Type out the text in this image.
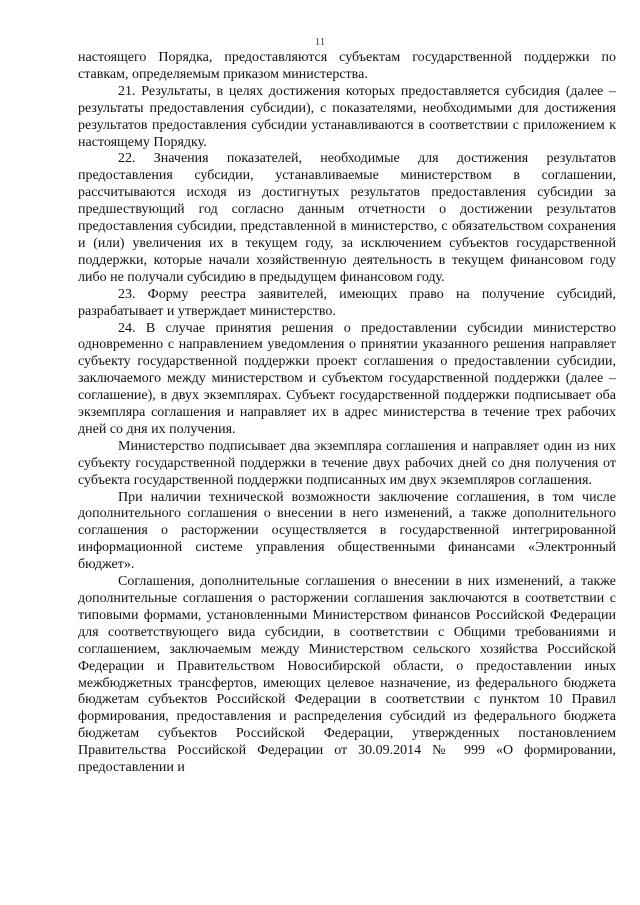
11

настоящего Порядка, предоставляются субъектам государственной поддержки по ставкам, определяемым приказом министерства.

21. Результаты, в целях достижения которых предоставляется субсидия (далее – результаты предоставления субсидии), с показателями, необходимыми для достижения результатов предоставления субсидии устанавливаются в соответствии с приложением к настоящему Порядку.

22. Значения показателей, необходимые для достижения результатов предоставления субсидии, устанавливаемые министерством в соглашении, рассчитываются исходя из достигнутых результатов предоставления субсидии за предшествующий год согласно данным отчетности о достижении результатов предоставления субсидии, представленной в министерство, с обязательством сохранения и (или) увеличения их в текущем году, за исключением субъектов государственной поддержки, которые начали хозяйственную деятельность в текущем финансовом году либо не получали субсидию в предыдущем финансовом году.

23. Форму реестра заявителей, имеющих право на получение субсидий, разрабатывает и утверждает министерство.

24. В случае принятия решения о предоставлении субсидии министерство одновременно с направлением уведомления о принятии указанного решения направляет субъекту государственной поддержки проект соглашения о предоставлении субсидии, заключаемого между министерством и субъектом государственной поддержки (далее – соглашение), в двух экземплярах. Субъект государственной поддержки подписывает оба экземпляра соглашения и направляет их в адрес министерства в течение трех рабочих дней со дня их получения.

Министерство подписывает два экземпляра соглашения и направляет один из них субъекту государственной поддержки в течение двух рабочих дней со дня получения от субъекта государственной поддержки подписанных им двух экземпляров соглашения.

При наличии технической возможности заключение соглашения, в том числе дополнительного соглашения о внесении в него изменений, а также дополнительного соглашения о расторжении осуществляется в государственной интегрированной информационной системе управления общественными финансами «Электронный бюджет».

Соглашения, дополнительные соглашения о внесении в них изменений, а также дополнительные соглашения о расторжении соглашения заключаются в соответствии с типовыми формами, установленными Министерством финансов Российской Федерации для соответствующего вида субсидии, в соответствии с Общими требованиями и соглашением, заключаемым между Министерством сельского хозяйства Российской Федерации и Правительством Новосибирской области, о предоставлении иных межбюджетных трансфертов, имеющих целевое назначение, из федерального бюджета бюджетам субъектов Российской Федерации в соответствии с пунктом 10 Правил формирования, предоставления и распределения субсидий из федерального бюджета бюджетам субъектов Российской Федерации, утвержденных постановлением Правительства Российской Федерации от 30.09.2014 № 999 «О формировании, предоставлении и
